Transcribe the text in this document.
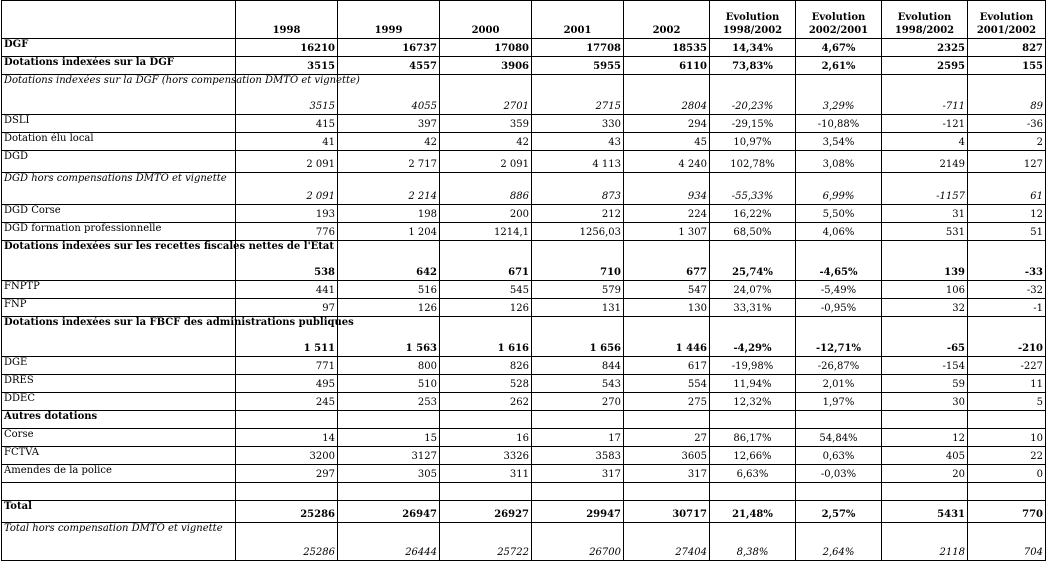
	1998	1999	2000	2001	2002	Evolution 1998/2002	Evolution 2002/2001	Evolution 1998/2002	Evolution 2001/2002
DGF	16210	16737	17080	17708	18535	14,34%	4,67%	2325	827
Dotations indexées sur la DGF	3515	4557	3906	5955	6110	73,83%	2,61%	2595	155
Dotations indexées sur la DGF (hors compensation DMTO et vignette)	3515	4055	2701	2715	2804	-20,23%	3,29%	-711	89
DSLI	415	397	359	330	294	-29,15%	-10,88%	-121	-36
Dotation élu local	41	42	42	43	45	10,97%	3,54%	4	2
DGD	2 091	2 717	2 091	4 113	4 240	102,78%	3,08%	2149	127
DGD hors compensations DMTO et vignette	2 091	2 214	886	873	934	-55,33%	6,99%	-1157	61
DGD Corse	193	198	200	212	224	16,22%	5,50%	31	12
DGD formation professionnelle	776	1 204	1214,1	1256,03	1 307	68,50%	4,06%	531	51
Dotations indexées sur les recettes fiscales nettes de l'Etat	538	642	671	710	677	25,74%	-4,65%	139	-33
FNPTP	441	516	545	579	547	24,07%	-5,49%	106	-32
FNP	97	126	126	131	130	33,31%	-0,95%	32	-1
Dotations indexées sur la FBCF des administrations publiques	1 511	1 563	1 616	1 656	1 446	-4,29%	-12,71%	-65	-210
DGE	771	800	826	844	617	-19,98%	-26,87%	-154	-227
DRES	495	510	528	543	554	11,94%	2,01%	59	11
DDEC	245	253	262	270	275	12,32%	1,97%	30	5
Autres dotations									
Corse	14	15	16	17	27	86,17%	54,84%	12	10
FCTVA	3200	3127	3326	3583	3605	12,66%	0,63%	405	22
Amendes de la police	297	305	311	317	317	6,63%	-0,03%	20	0

Total	25286	26947	26927	29947	30717	21,48%	2,57%	5431	770
Total hors compensation DMTO et vignette	25286	26444	25722	26700	27404	8,38%	2,64%	2118	704
